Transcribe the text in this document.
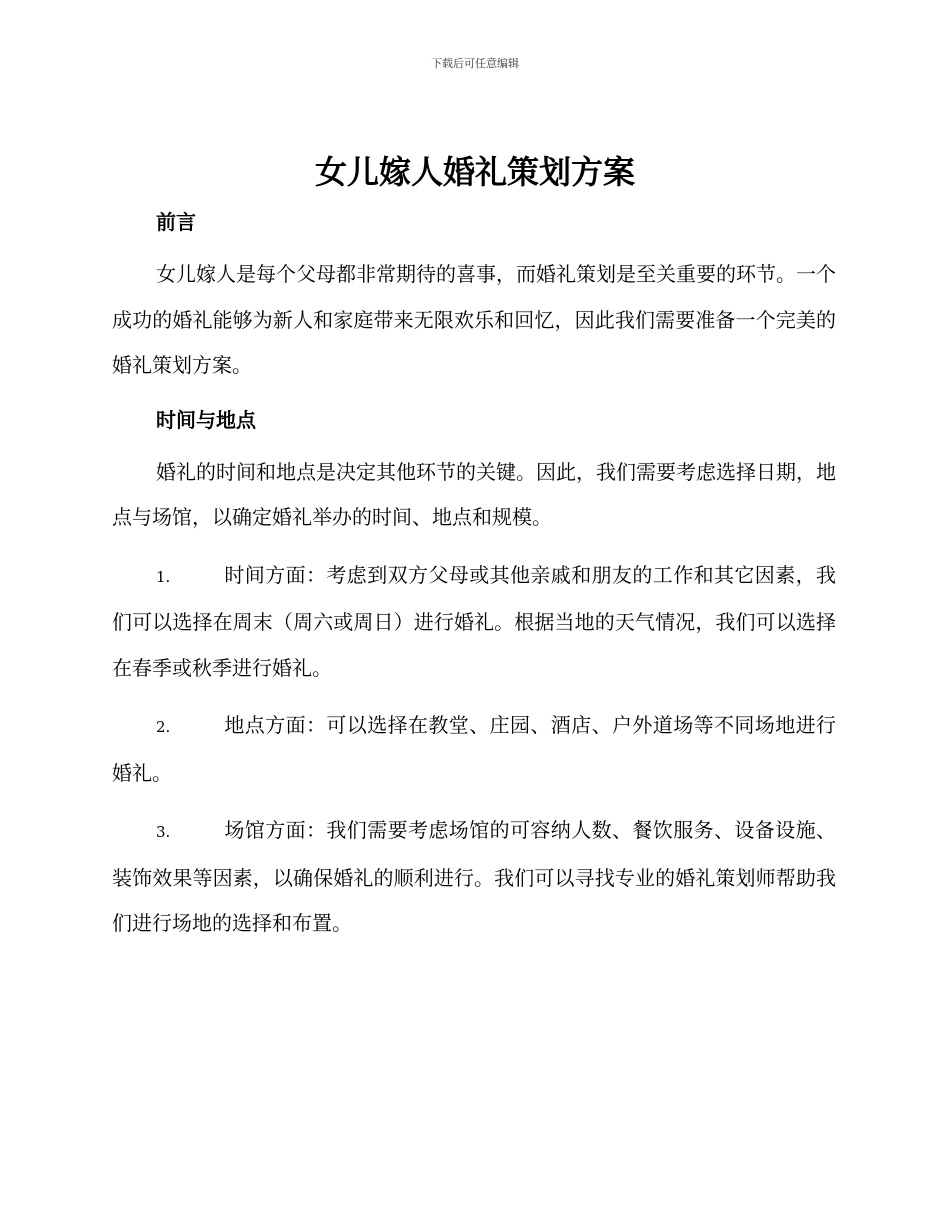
下载后可任意编辑
女儿嫁人婚礼策划方案
前言

女儿嫁人是每个父母都非常期待的喜事，而婚礼策划是至关重要的环节。一个成功的婚礼能够为新人和家庭带来无限欢乐和回忆，因此我们需要准备一个完美的婚礼策划方案。

时间与地点

婚礼的时间和地点是决定其他环节的关键。因此，我们需要考虑选择日期，地点与场馆，以确定婚礼举办的时间、地点和规模。

1.	时间方面：考虑到双方父母或其他亲戚和朋友的工作和其它因素，我们可以选择在周末（周六或周日）进行婚礼。根据当地的天气情况，我们可以选择在春季或秋季进行婚礼。

2.	地点方面：可以选择在教堂、庄园、酒店、户外道场等不同场地进行婚礼。

3.	场馆方面：我们需要考虑场馆的可容纳人数、餐饮服务、设备设施、装饰效果等因素，以确保婚礼的顺利进行。我们可以寻找专业的婚礼策划师帮助我们进行场地的选择和布置。
